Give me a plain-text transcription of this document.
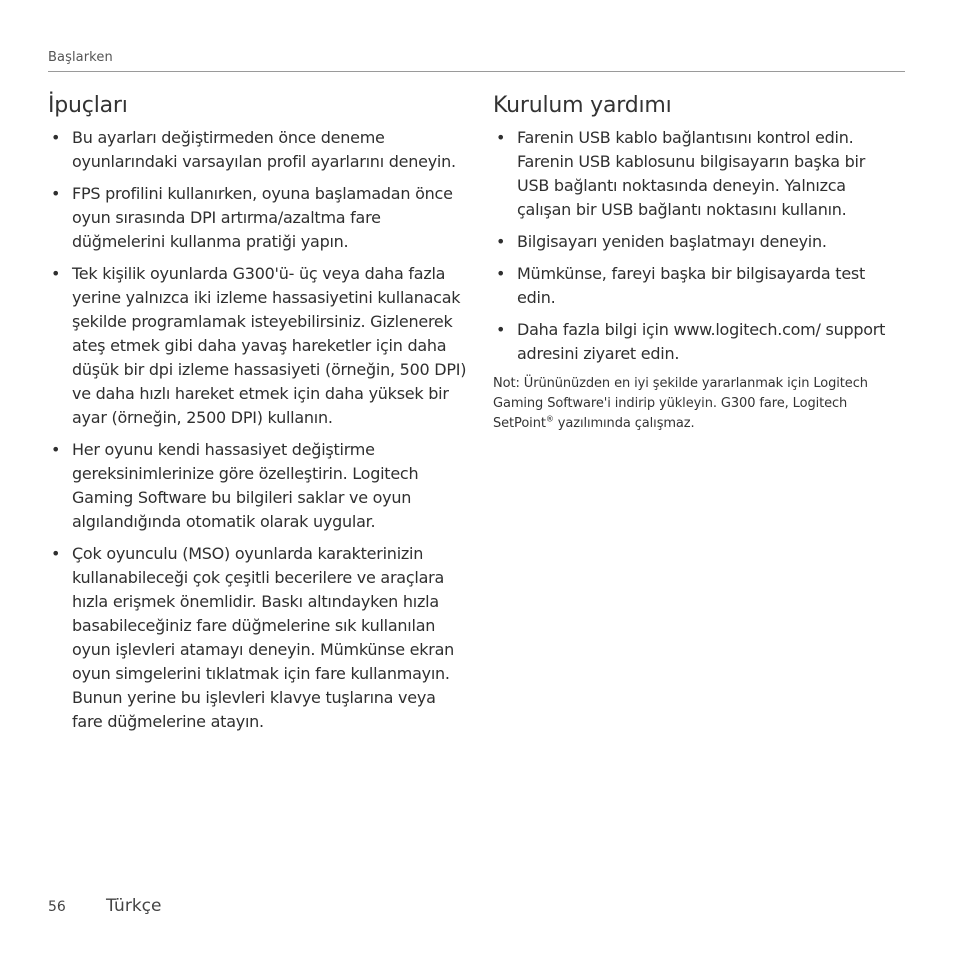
Başlarken
İpuçları
• Bu ayarları değiştirmeden önce deneme oyunlarındaki varsayılan profil ayarlarını deneyin.
• FPS profilini kullanırken, oyuna başlamadan önce oyun sırasında DPI artırma/azaltma fare düğmelerini kullanma pratiği yapın.
• Tek kişilik oyunlarda G300'ü- üç veya daha fazla yerine yalnızca iki izleme hassasiyetini kullanacak şekilde programlamak isteyebilirsiniz. Gizlenerek ateş etmek gibi daha yavaş hareketler için daha düşük bir dpi izleme hassasiyeti (örneğin, 500 DPI) ve daha hızlı hareket etmek için daha yüksek bir ayar (örneğin, 2500 DPI) kullanın.
• Her oyunu kendi hassasiyet değiştirme gereksinimlerinize göre özelleştirin. Logitech Gaming Software bu bilgileri saklar ve oyun algılandığında otomatik olarak uygular.
• Çok oyunculu (MSO) oyunlarda karakterinizin kullanabileceği çok çeşitli becerilere ve araçlara hızla erişmek önemlidir. Baskı altındayken hızla basabileceğiniz fare düğmelerine sık kullanılan oyun işlevleri atamayı deneyin. Mümkünse ekran oyun simgelerini tıklatmak için fare kullanmayın. Bunun yerine bu işlevleri klavye tuşlarına veya fare düğmelerine atayın.
Kurulum yardımı
• Farenin USB kablo bağlantısını kontrol edin. Farenin USB kablosunu bilgisayarın başka bir USB bağlantı noktasında deneyin. Yalnızca çalışan bir USB bağlantı noktasını kullanın.
• Bilgisayarı yeniden başlatmayı deneyin.
• Mümkünse, fareyi başka bir bilgisayarda test edin.
• Daha fazla bilgi için www.logitech.com/ support adresini ziyaret edin.
Not: Ürününüzden en iyi şekilde yararlanmak için Logitech Gaming Software'i indirip yükleyin. G300 fare, Logitech SetPoint® yazılımında çalışmaz.
56 Türkçe
